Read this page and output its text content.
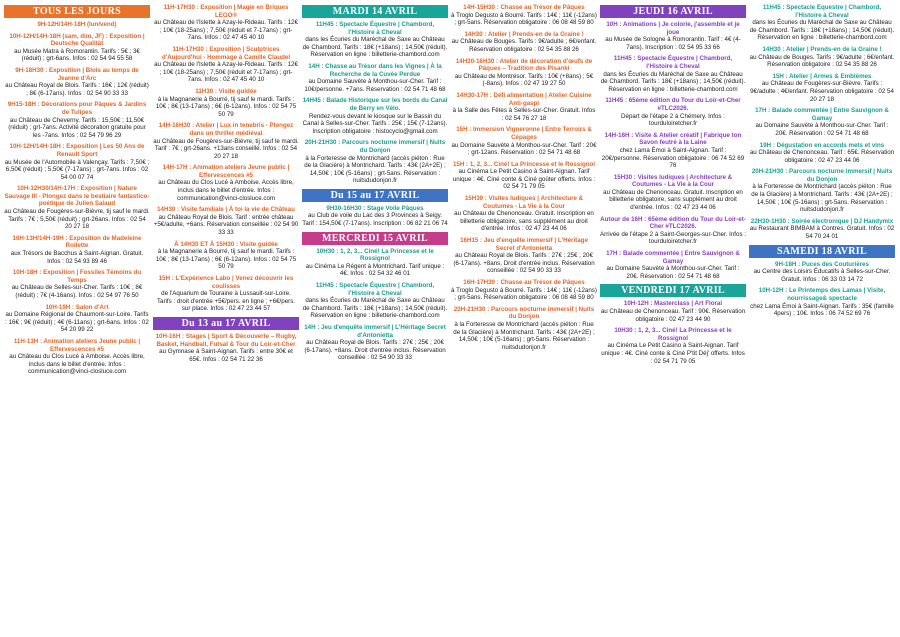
TOUS LES JOURS
9H-12H/14H-18H (lun/vend)
10H-12H/14H-18H (sam, dim, JF) : Exposition | Deutsche Qualität
au Musée Matra à Romorantin. Tarifs : 5€ ; 3€ (réduit) ; grt-6ans. Infos : 02 54 94 55 58
9H-18H30 : Exposition | Blois au temps de Jeanne d'Arc
au Château Royal de Blois. Tarifs : 16€ ; 12€ (réduit) ; 8€ (6-17ans). Infos : 02 54 90 33 33
9H15-18H : Décorations pour Pâques & Jardins de Tulipes
au Château de Cheverny. Tarifs : 15,50€ ; 11,50€ (réduit) ; grt-7ans. Activité décoration gratuite pour les -7ans. Infos : 02 54 79 96 29
10H-12H/14H-18H : Exposition | Les 50 Ans de Renault Sport
au Musée de l'Automobile à Valençay. Tarifs : 7,50€ ; 6,50€ (réduit) ; 5,50€ (7-17ans) ; grt-7ans. Infos : 02 54 00 07 74
10H-12H30/14H-17H : Exposition | Nature Sauvage III - Plongez dans le bestiaire fantastico-poétique de Julien Salaud
au Château de Fougères-sur-Bièvre, tij sauf le mardi. Tarifs : 7€ ; 5,50€ (réduit) ; grt-26ans. Infos : 02 54 20 27 18
10H-13H/14H-19H : Exposition de Madeleine Roilette
aux Trésors de Bacchus à Saint-Aignan. Gratuit. Infos : 02 54 93 89 46
10H-18H : Exposition | Fossiles Témoins du Temps
au Château de Selles-sur-Cher. Tarifs : 10€ ; 8€ (réduit) ; 7€ (4-16ans). Infos : 02 54 97 76 50
10H-19H : Salon d'Art
au Domaine Régional de Chaumont-sur-Loire. Tarifs : 16€ ; 9€ (réduit) ; 4€ (6-11ans) ; grt-6ans. Infos : 02 54 20 99 22
11H-13H : Animation ateliers Jeune public | Effervescences #5
au Château du Clos Lucé à Amboise. Accès libre, inclus dans le billet d'entrée. Infos : communication@vinci-closluce.com
11H-17H30 : Exposition | Magie en Briques LEGO®
au Château de l'Islette à Azay-le-Rideau. Tarifs : 12€ ; 10€ (18-25ans) ; 7,50€ (réduit et 7-17ans) ; grt-7ans. Infos : 02 47 45 40 10
11H-17H30 : Exposition | Sculptrices d'Aujourd'hui - Hommage à Camille Claudel
au Château de l'Islette à Azay-le-Rideau. Tarifs : 12€ ; 10€ (18-25ans) ; 7,50€ (réduit et 7-17ans) ; grt-7ans. Infos : 02 47 45 40 10
11H30 : Visite guidée
à la Magnanerie à Bourré, tij sauf le mardi. Tarifs : 10€ ; 8€ (13-17ans) ; 6€ (6-12ans). Infos : 02 54 75 50 79
14H-16H30 : Atelier | Lux in tenebris - Plongez dans un thriller médiéval
au Château de Fougères-sur-Bièvre, tij sauf le mardi. Tarif : 7€ ; grt-26ans. +13ans conseillé. Infos : 02 54 20 27 18
14H-17H : Animation ateliers Jeune public | Effervescences #5
au Château du Clos Lucé à Amboise. Accès libre, inclus dans le billet d'entrée. Infos : communication@vinci-closluce.com
14H30 : Visite familiale | À toi la vie de Château
au Château Royal de Blois. Tarif : entrée château +5€/adulte, +6ans. Réservation conseillée : 02 54 90 33 33
À 14H30 ET À 15H30 : Visite guidée
à la Magnanerie à Bourré, tij sauf le mardi. Tarifs : 10€ ; 8€ (13-17ans) ; 6€ (6-12ans). Infos : 02 54 75 50 79
15H : L'Expérience Labo | Venez découvrir les coulisses
de l'Aquarium de Touraine à Lussault-sur-Loire. Tarifs : droit d'entrée +5€/pers. en ligne ; +6€/pers. sur place. Infos : 02 47 23 44 57
Du 13 au 17 AVRIL
10H-16H : Stages | Sport & Découverte – Rugby, Basket, Handball, Futsal & Tour du Loir-et-Cher
au Gymnase à Saint-Aignan. Tarifs : entre 30€ et 65€. Infos : 02 54 71 22 36
MARDI 14 AVRIL
11H45 : Spectacle Équestre | Chambord, l'Histoire à Cheval
dans les Écuries du Maréchal de Saxe au Château de Chambord. Tarifs : 18€ (+18ans) ; 14,50€ (réduit). Réservation en ligne : billetterie-chambord.com
14H : Chasse au Trésor dans les Vignes | À la Recherche de la Cuvée Perdue
au Domaine Sauvète à Monthou-sur-Cher. Tarif : 10€/personne. +7ans. Réservation : 02 54 71 48 68
14H45 : Balade Historique sur les bords du Canal de Berry en Vélo.
Rendez-vous devant le kiosque sur le Bassin du Canal à Selles-sur-Cher. Tarifs : 25€ ; 15€ (7-12ans). Inscription obligatoire : histocyclo@gmail.com
20H-21H30 : Parcours nocturne immersif | Nuits du Donjon
à la Forteresse de Montrichard (accès piéton : Rue de la Glacière) à Montrichard. Tarifs : 43€ (2A+2E) ; 14,50€ ; 10€ (5-16ans) ; grt-5ans. Réservation : nuitsdudonjon.fr
Du 15 au 17 AVRIL
9H30-16H30 : Stage Voile Pâques
au Club de voile du Lac des 3 Provinces à Seigy. Tarif : 154,50€ (7-17ans). Inscription : 06 82 21 06 74
MERCREDI 15 AVRIL
10H30 : 1, 2, 3... Ciné! La Princesse et le Rossignol
au Cinéma Le Régent à Montrichard. Tarif unique : 4€. Infos : 02 54 32 46 01
11H45 : Spectacle Équestre | Chambord, l'Histoire à Cheval
dans les Écuries du Maréchal de Saxe au Château de Chambord. Tarifs : 18€ (+18ans) ; 14,50€ (réduit). Réservation en ligne : billetterie-chambord.com
14H : Jeu d'enquête immersif | L'Héritage Secret d'Antonietta
au Château Royal de Blois. Tarifs : 27€ ; 25€ ; 20€ (6-17ans). +8ans. Droit d'entrée inclus. Réservation conseillée : 02 54 90 33 33
14H-15H30 : Chasse au Trésor de Pâques
à Troglo Degusto à Bourré. Tarifs : 14€ ; 11€ (-12ans) ; grt-5ans. Réservation obligatoire : 06 08 48 59 80
14H30 : Atelier | Prends-en de la Graine !
au Château de Bouges. Tarifs : 9€/adulte ; 6€/enfant. Réservation obligatoire : 02 54 35 88 26
14H30-16H30 : Atelier de décoration d'œufs de Pâques – Tradition des Pisanki
au Château de Montrésor. Tarifs : 10€ (+8ans) ; 5€ (-8ans). Infos : 02 47 19 27 50
14H30-17H : Défi alimentation | Atelier Cuisine Anti-gaspi
à la Salle des Fêtes à Selles-sur-Cher. Gratuit. Infos : 02 54 76 27 18
15H : Immersion Vigneronne | Entre Terroirs & Cépages
au Domaine Sauvète à Monthou-sur-Cher. Tarif : 20€ ; grt-12ans. Réservation : 02 54 71 48 68
15H : 1, 2, 3... Ciné! La Princesse et le Rossignol
au Cinéma Le Petit Casino à Saint-Aignan. Tarif unique : 4€. Ciné conte & Ciné goûter offerts. Infos : 02 54 71 79 05
15H30 : Visites ludiques | Architecture & Coutumes - La Vie à la Cour
au Château de Chenonceau. Gratuit. Inscription en billetterie obligatoire, sans supplément au droit d'entrée. Infos : 02 47 23 44 06
16H15 : Jeu d'enquête immersif | L'Héritage Secret d'Antonietta
au Château Royal de Blois. Tarifs : 27€ ; 25€ ; 20€ (6-17ans). +8ans. Droit d'entrée inclus. Réservation conseillée : 02 54 90 33 33
16H-17H30 : Chasse au Trésor de Pâques
à Troglo Degusto à Bourré. Tarifs : 14€ ; 11€ (-12ans) ; grt-5ans. Réservation obligatoire : 06 08 48 59 80
20H-21H30 : Parcours nocturne immersif | Nuits du Donjon
à la Forteresse de Montrichard (accès piéton : Rue de la Glacière) à Montrichard. Tarifs : 43€ (2A+2E) ; 14,50€ ; 10€ (5-16ans) ; grt-5ans. Réservation : nuitsdudonjon.fr
JEUDI 16 AVRIL
10H : Animations | Je colorie, j'assemble et je joue
au Musée de Sologne à Romorantin. Tarif : 4€ (4-7ans). Inscription : 02 54 95 33 66
11H45 : Spectacle Équestre | Chambord, l'Histoire à Cheval
dans les Écuries du Maréchal de Saxe au Château de Chambord. Tarifs : 18€ (+18ans) ; 14,50€ (réduit). Réservation en ligne : billetterie-chambord.com
11H45 : 65ème édition du Tour du Loir-et-Cher #TLC2026.
Départ de l'étape 2 à Chémery. Infos : tourduloiretcher.fr
14H-16H : Visite & Atelier créatif | Fabrique ton Savon feutré à la Laine
chez Lama Émoi à Saint-Aignan. Tarif : 20€/personne. Réservation obligatoire : 06 74 52 69 76
15H30 : Visites ludiques | Architecture & Coutumes - La Vie à la Cour
au Château de Chenonceau. Gratuit. Inscription en billetterie obligatoire, sans supplément au droit d'entrée. Infos : 02 47 23 44 06
Autour de 16H : 65ème édition du Tour du Loir-et-Cher #TLC2026.
Arrivée de l'étape 2 à Saint-Georges-sur-Cher. Infos : tourduloiretcher.fr
17H : Balade commentée | Entre Sauvignon & Gamay
au Domaine Sauvète à Monthou-sur-Cher. Tarif : 20€. Réservation : 02 54 71 48 68
VENDREDI 17 AVRIL
10H-12H : Masterclass | Art Floral
au Château de Chenonceau. Tarif : 90€. Réservation obligatoire : 02 47 23 44 90
10H30 : 1, 2, 3... Ciné! La Princesse et le Rossignol
au Cinéma Le Petit Casino à Saint-Aignan. Tarif unique : 4€. Ciné conte & Ciné P'tit Déj' offerts. Infos : 02 54 71 79 05
11H45 : Spectacle Équestre | Chambord, l'Histoire à Cheval
dans les Écuries du Maréchal de Saxe au Château de Chambord. Tarifs : 18€ (+18ans) ; 14,50€ (réduit). Réservation en ligne : billetterie-chambord.com
14H30 : Atelier | Prends-en de la Graine !
au Château de Bouges. Tarifs : 9€/adulte ; 6€/enfant. Réservation obligatoire : 02 54 35 88 26
15H : Atelier | Armes & Emblèmes
au Château de Fougères-sur-Bièvre. Tarifs : 9€/adulte ; 4€/enfant. Réservation obligatoire : 02 54 20 27 18
17H : Balade commentée | Entre Sauvignon & Gamay
au Domaine Sauvète à Monthou-sur-Cher. Tarif : 20€. Réservation : 02 54 71 48 68
19H : Dégustation en accords mets et vins
au Château de Chenonceau. Tarif : 65€. Réservation obligatoire : 02 47 23 44 06
20H-21H30 : Parcours nocturne immersif | Nuits du Donjon
à la Forteresse de Montrichard (accès piéton : Rue de la Glacière) à Montrichard. Tarifs : 43€ (2A+2E) ; 14,50€ ; 10€ (5-16ans) ; grt-5ans. Réservation : nuitsdudonjon.fr
22H30-1H30 : Soirée électronique | DJ Handymix
au Restaurant BIMBAM à Contres. Gratuit. Infos : 02 54 70 24 01
SAMEDI 18 AVRIL
9H-18H : Puces des Couturières
au Centre des Loisirs Éducatifs à Selles-sur-Cher. Gratuit. Infos : 06 33 03 14 72
10H-12H : Le Printemps des Lamas | Visite, nourrissage& spectacle
chez Lama Émoi à Saint-Aignan. Tarifs : 35€ (famille 4pers) ; 10€. Infos : 06 74 52 69 76
